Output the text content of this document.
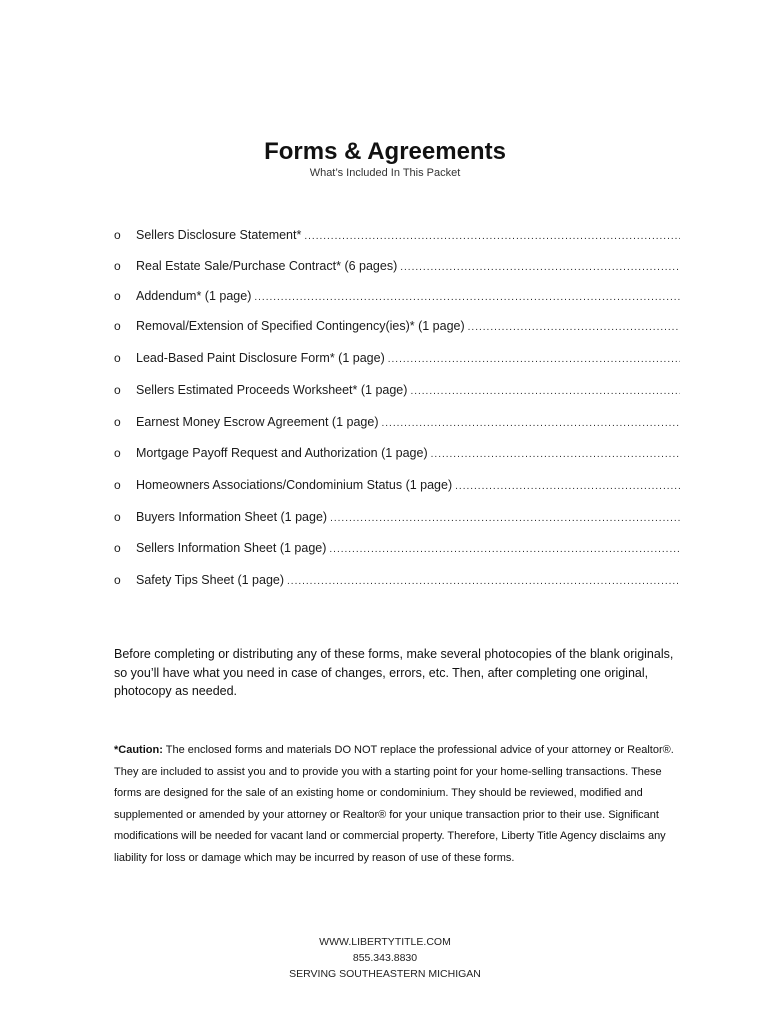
Forms & Agreements
What’s Included In This Packet
o	Sellers Disclosure Statement*
.....
o	Real Estate Sale/Purchase Contract* (6 pages)
.....
o	Addendum* (1 page)
.....
o	Removal/Extension of Specified Contingency(ies)* (1 page)
.....
o	Lead-Based Paint Disclosure Form* (1 page)
.....
o	Sellers Estimated Proceeds Worksheet* (1 page)
.....
o	Earnest Money Escrow Agreement (1 page)
.....
o	Mortgage Payoff Request and Authorization (1 page)
.....
o	Homeowners Associations/Condominium Status (1 page)
.....
o	Buyers Information Sheet (1 page)
.....
o	Sellers Information Sheet (1 page)
.....
o	Safety Tips Sheet (1 page)
.....
Before completing or distributing any of these forms, make several photocopies of the blank originals, so you’ll have what you need in case of changes, errors, etc. Then, after completing one original, photocopy as needed.
*Caution: The enclosed forms and materials DO NOT replace the professional advice of your attorney or Realtor®. They are included to assist you and to provide you with a starting point for your home-selling transactions. These forms are designed for the sale of an existing home or condominium. They should be reviewed, modified and supplemented or amended by your attorney or Realtor® for your unique transaction prior to their use. Significant modifications will be needed for vacant land or commercial property. Therefore, Liberty Title Agency disclaims any liability for loss or damage which may be incurred by reason of use of these forms.
WWW.LIBERTYTITLE.COM
855.343.8830
SERVING SOUTHEASTERN MICHIGAN
